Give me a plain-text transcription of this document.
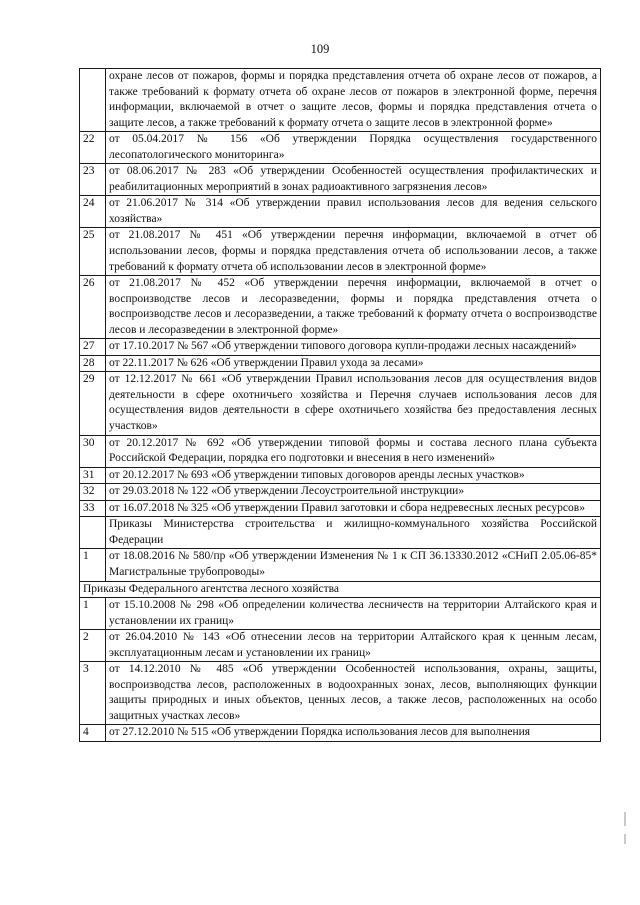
109
	охране лесов от пожаров, формы и порядка представления отчета об охране лесов от пожаров, а также требований к формату отчета об охране лесов от пожаров в электронной форме, перечня информации, включаемой в отчет о защите лесов, формы и порядка представления отчета о защите лесов, а также требований к формату отчета о защите лесов в электронной форме»
22	от 05.04.2017 № 156 «Об утверждении Порядка осуществления государственного лесопатологического мониторинга»
23	от 08.06.2017 № 283 «Об утверждении Особенностей осуществления профилактических и реабилитационных мероприятий в зонах радиоактивного загрязнения лесов»
24	от 21.06.2017 № 314 «Об утверждении правил использования лесов для ведения сельского хозяйства»
25	от 21.08.2017 № 451 «Об утверждении перечня информации, включаемой в отчет об использовании лесов, формы и порядка представления отчета об использовании лесов, а также требований к формату отчета об использовании лесов в электронной форме»
26	от 21.08.2017 № 452 «Об утверждении перечня информации, включаемой в отчет о воспроизводстве лесов и лесоразведении, формы и порядка представления отчета о воспроизводстве лесов и лесоразведении, а также требований к формату отчета о воспроизводстве лесов и лесоразведении в электронной форме»
27	от 17.10.2017 № 567 «Об утверждении типового договора купли-продажи лесных насаждений»
28	от 22.11.2017 № 626 «Об утверждении Правил ухода за лесами»
29	от 12.12.2017 № 661 «Об утверждении Правил использования лесов для осуществления видов деятельности в сфере охотничьего хозяйства и Перечня случаев использования лесов для осуществления видов деятельности в сфере охотничьего хозяйства без предоставления лесных участков»
30	от 20.12.2017 № 692 «Об утверждении типовой формы и состава лесного плана субъекта Российской Федерации, порядка его подготовки и внесения в него изменений»
31	от 20.12.2017 № 693 «Об утверждении типовых договоров аренды лесных участков»
32	от 29.03.2018 № 122 «Об утверждении Лесоустроительной инструкции»
33	от 16.07.2018 № 325 «Об утверждении Правил заготовки и сбора недревесных лесных ресурсов»
	Приказы Министерства строительства и жилищно-коммунального хозяйства Российской Федерации
1	от 18.08.2016 № 580/пр «Об утверждении Изменения № 1 к СП 36.13330.2012 «СНиП 2.05.06-85* Магистральные трубопроводы»
Приказы Федерального агентства лесного хозяйства	
1	от 15.10.2008 № 298 «Об определении количества лесничеств на территории Алтайского края и установлении их границ»
2	от 26.04.2010 № 143 «Об отнесении лесов на территории Алтайского края к ценным лесам, эксплуатационным лесам и установлении их границ»
3	от 14.12.2010 № 485 «Об утверждении Особенностей использования, охраны, защиты, воспроизводства лесов, расположенных в водоохранных зонах, лесов, выполняющих функции защиты природных и иных объектов, ценных лесов, а также лесов, расположенных на особо защитных участках лесов»
4	от 27.12.2010 № 515 «Об утверждении Порядка использования лесов для выполнения
